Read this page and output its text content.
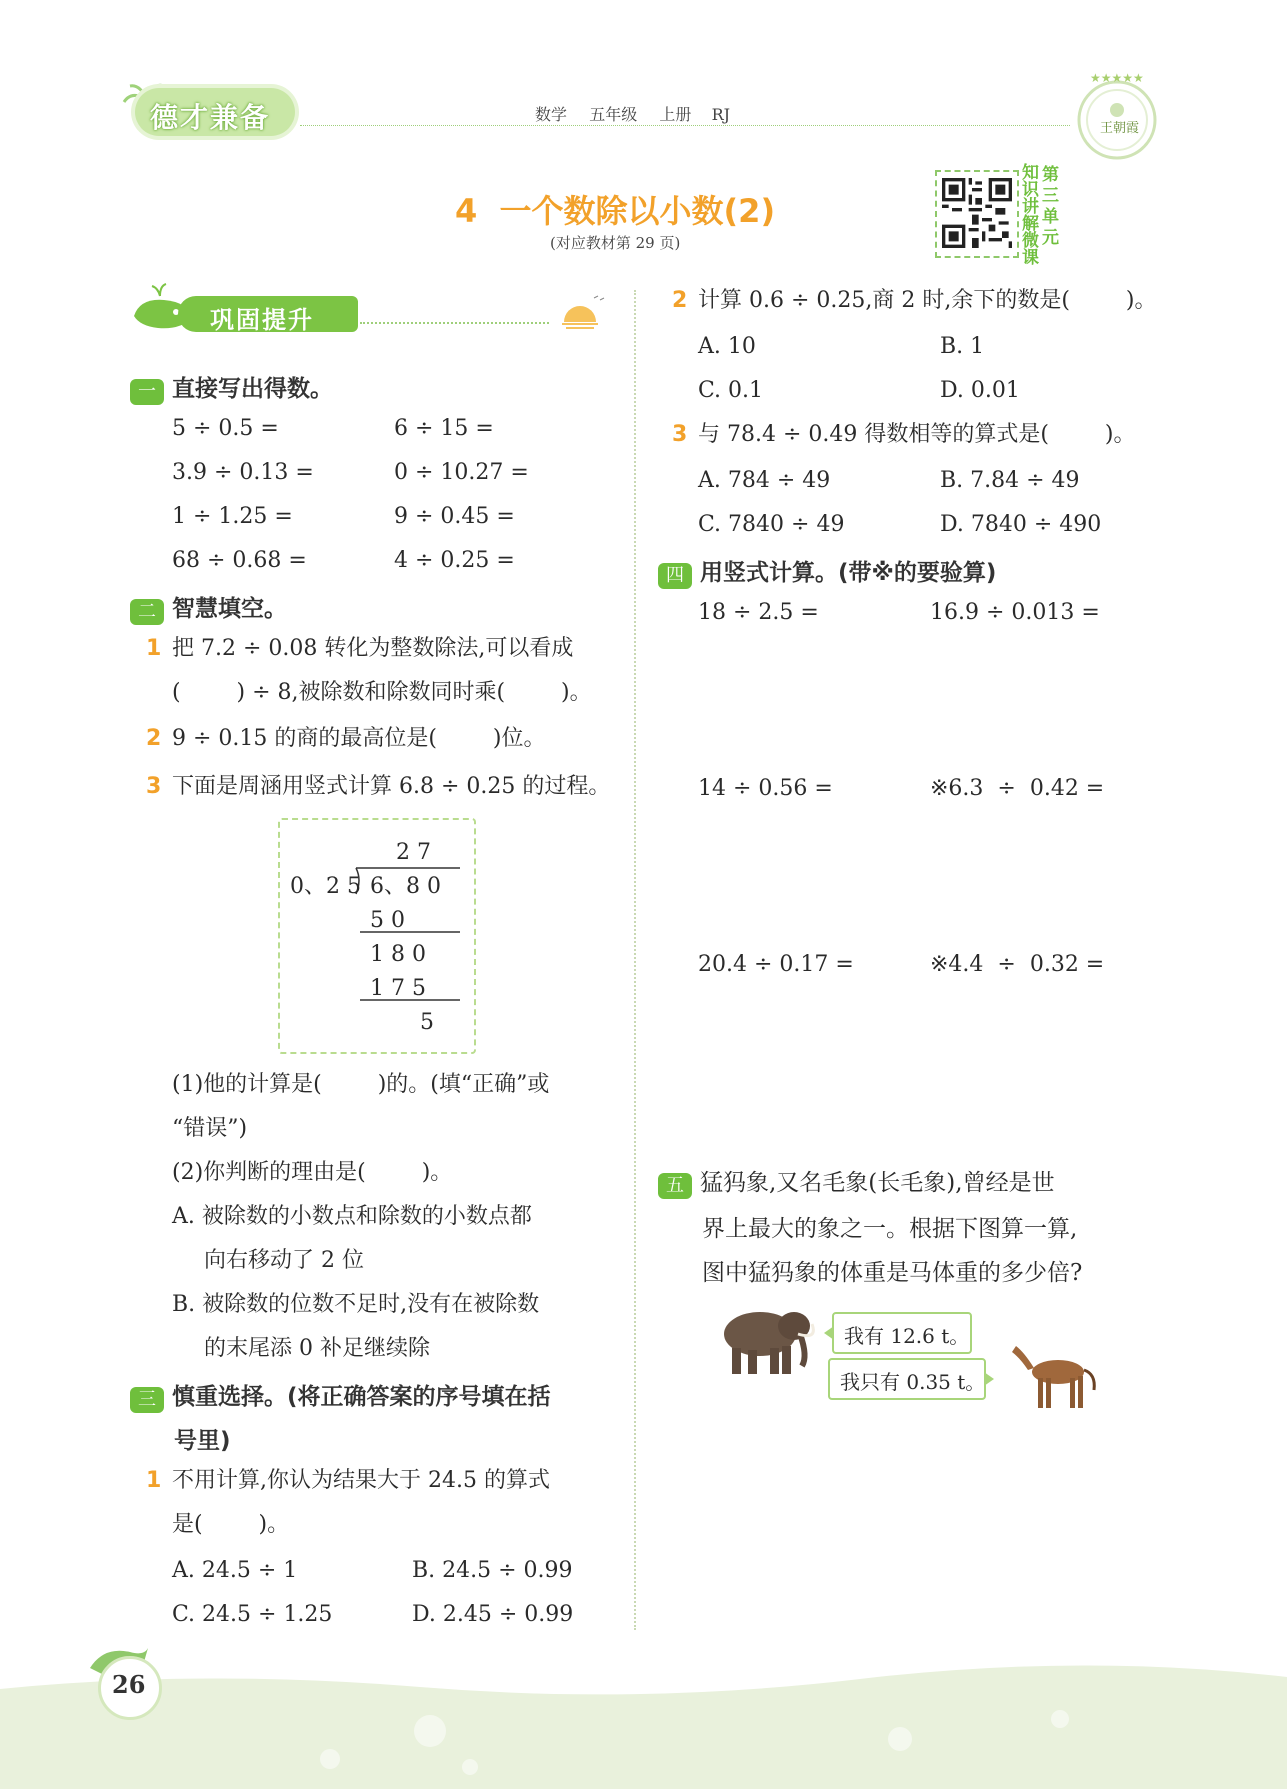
德才兼备	数学 五年级 上册 RJ
★★★★★
王朝霞
4  一个数除以小数(2)
(对应教材第 29 页)
知识讲解微课
第三单元
巩固提升
一 直接写出得数。
5 ÷ 0.5 =	6 ÷ 15 =
3.9 ÷ 0.13 =	0 ÷ 10.27 =
1 ÷ 1.25 =	9 ÷ 0.45 =
68 ÷ 0.68 =	4 ÷ 0.25 =
二 智慧填空。
1 把 7.2 ÷ 0.08 转化为整数除法,可以看成
(        ) ÷ 8,被除数和除数同时乘(        )。
2 9 ÷ 0.15 的商的最高位是(        )位。
3 下面是周涵用竖式计算 6.8 ÷ 0.25 的过程。
2 7
0、2 5 6、8 0
5 0
1 8 0
1 7 5
5
(1)他的计算是(        )的。(填“正确”或
“错误”)
(2)你判断的理由是(        )。
A. 被除数的小数点和除数的小数点都
向右移动了 2 位
B. 被除数的位数不足时,没有在被除数
的末尾添 0 补足继续除
三 慎重选择。(将正确答案的序号填在括
号里)
1 不用计算,你认为结果大于 24.5 的算式
是(        )。
A. 24.5 ÷ 1	B. 24.5 ÷ 0.99
C. 24.5 ÷ 1.25	D. 2.45 ÷ 0.99
2 计算 0.6 ÷ 0.25,商 2 时,余下的数是(        )。
A. 10	B. 1
C. 0.1	D. 0.01
3 与 78.4 ÷ 0.49 得数相等的算式是(        )。
A. 784 ÷ 49	B. 7.84 ÷ 49
C. 7840 ÷ 49	D. 7840 ÷ 490
四 用竖式计算。(带※的要验算)
18 ÷ 2.5 =	16.9 ÷ 0.013 =
14 ÷ 0.56 =	※6.3  ÷  0.42 =
20.4 ÷ 0.17 =	※4.4  ÷  0.32 =
五 猛犸象,又名毛象(长毛象),曾经是世
界上最大的象之一。根据下图算一算,
图中猛犸象的体重是马体重的多少倍?
我有 12.6 t。
我只有 0.35 t。
26
